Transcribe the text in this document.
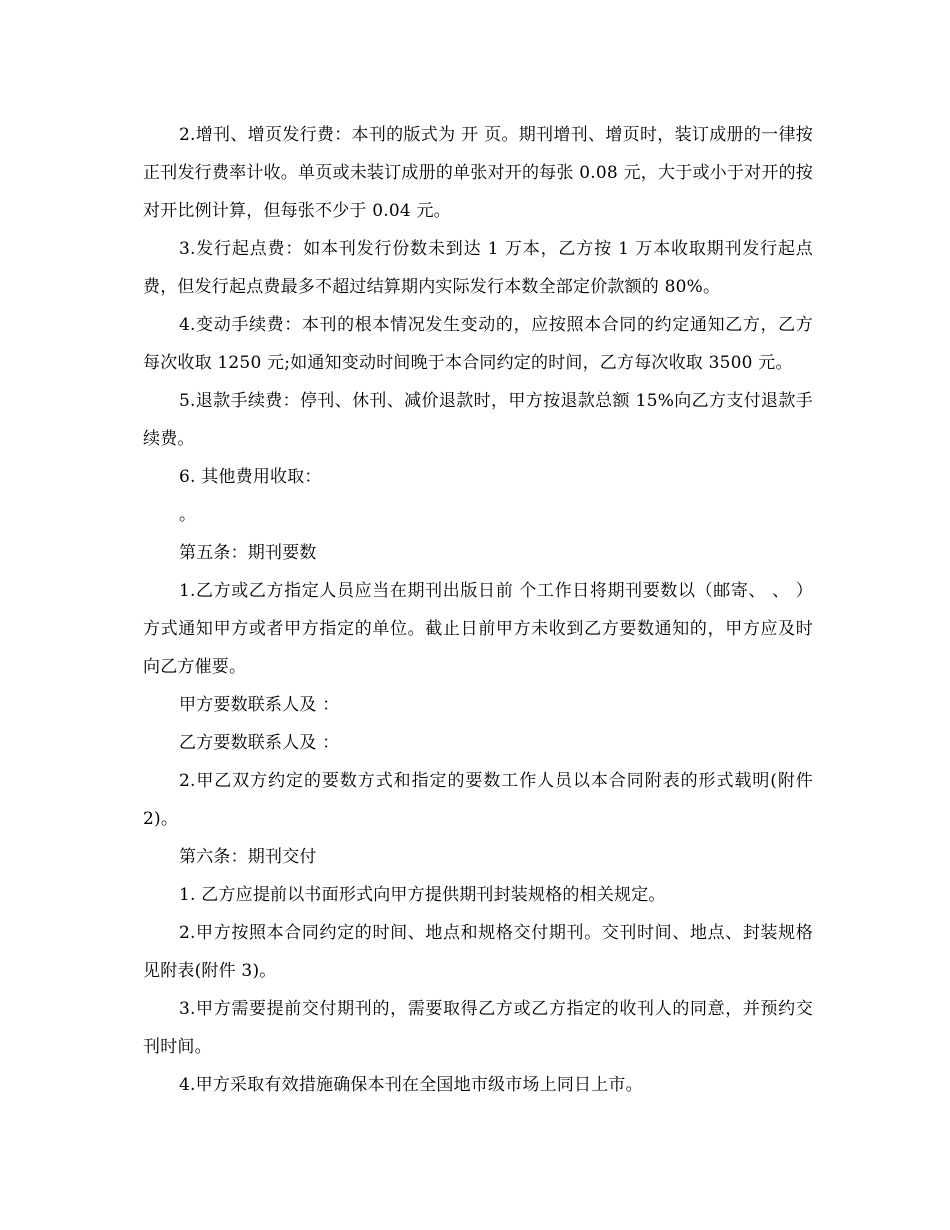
2.增刊、增页发行费：本刊的版式为 开 页。期刊增刊、增页时，装订成册的一律按正刊发行费率计收。单页或未装订成册的单张对开的每张 0.08 元，大于或小于对开的按对开比例计算，但每张不少于 0.04 元。

3.发行起点费：如本刊发行份数未到达 1 万本，乙方按 1 万本收取期刊发行起点费，但发行起点费最多不超过结算期内实际发行本数全部定价款额的 80%。

4.变动手续费：本刊的根本情况发生变动的，应按照本合同的约定通知乙方，乙方每次收取 1250 元;如通知变动时间晚于本合同约定的时间，乙方每次收取 3500 元。

5.退款手续费：停刊、休刊、减价退款时，甲方按退款总额 15%向乙方支付退款手续费。

6. 其他费用收取：

。

第五条：期刊要数

1.乙方或乙方指定人员应当在期刊出版日前 个工作日将期刊要数以（邮寄、 、 ）方式通知甲方或者甲方指定的单位。截止日前甲方未收到乙方要数通知的，甲方应及时向乙方催要。

甲方要数联系人及 ：

乙方要数联系人及 ：

2.甲乙双方约定的要数方式和指定的要数工作人员以本合同附表的形式载明(附件 2)。

第六条：期刊交付

1. 乙方应提前以书面形式向甲方提供期刊封装规格的相关规定。

2.甲方按照本合同约定的时间、地点和规格交付期刊。交刊时间、地点、封装规格见附表(附件 3)。

3.甲方需要提前交付期刊的，需要取得乙方或乙方指定的收刊人的同意，并预约交刊时间。

4.甲方采取有效措施确保本刊在全国地市级市场上同日上市。
